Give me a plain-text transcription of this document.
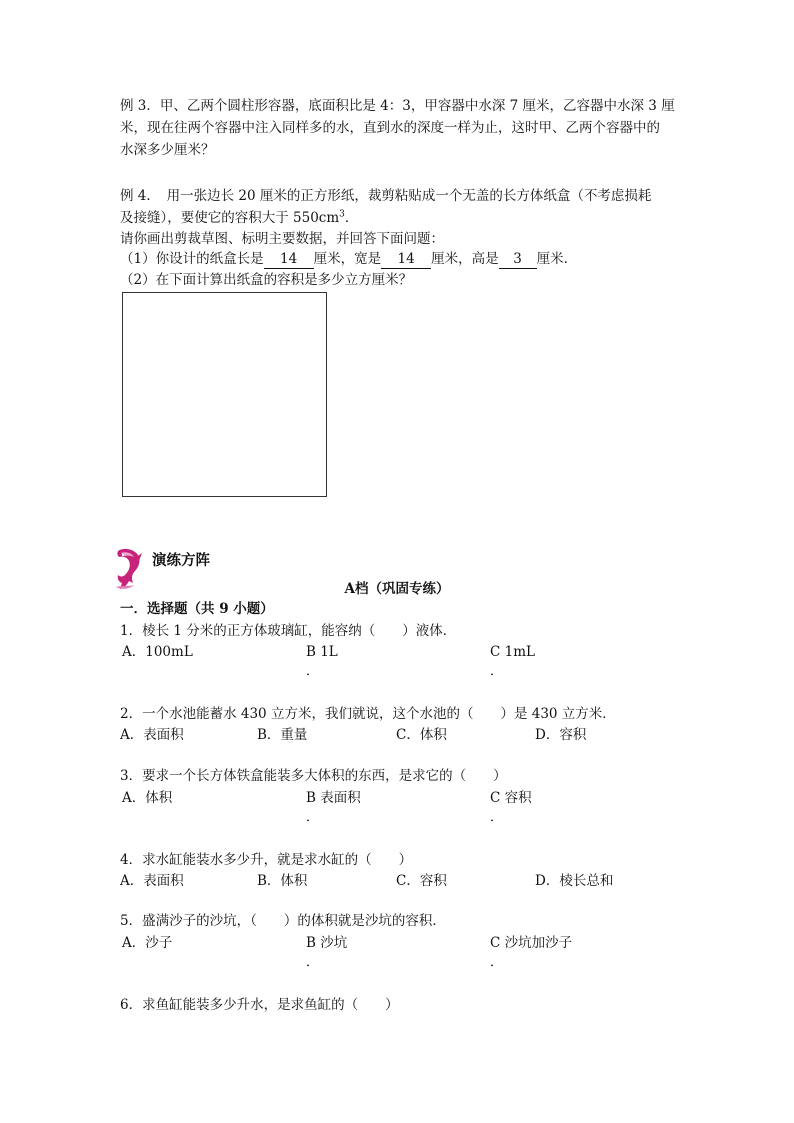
例 3．甲、乙两个圆柱形容器，底面积比是 4：3，甲容器中水深 7 厘米，乙容器中水深 3 厘
米，现在往两个容器中注入同样多的水，直到水的深度一样为止，这时甲、乙两个容器中的
水深多少厘米？
例 4．　用一张边长 20 厘米的正方形纸，裁剪粘贴成一个无盖的长方体纸盒（不考虑损耗
及接缝），要使它的容积大于 $550cm^3$．
请你画出剪裁草图、标明主要数据，并回答下面问题：
（1）你设计的纸盒长是 14 厘米，宽是 14 厘米，高是 3 厘米．
（2）在下面计算出纸盒的容积是多少立方厘米？
演练方阵
A档（巩固专练）
一．选择题（共 9 小题）
1．棱长 1 分米的正方体玻璃缸，能容纳（　　）液体．
A．100mL	B 1L	C 1mL
．	．
2．一个水池能蓄水 430 立方米，我们就说，这个水池的（　　）是 430 立方米．
A．表面积	B．重量	C．体积	D．容积
3．要求一个长方体铁盒能装多大体积的东西，是求它的（　　）
A．体积	B 表面积	C 容积
．	．
4．求水缸能装水多少升，就是求水缸的（　　）
A．表面积	B．体积	C．容积	D．棱长总和
5．盛满沙子的沙坑，（　　）的体积就是沙坑的容积．
A．沙子	B 沙坑	C 沙坑加沙子
．	．
6．求鱼缸能装多少升水，是求鱼缸的（　　）
